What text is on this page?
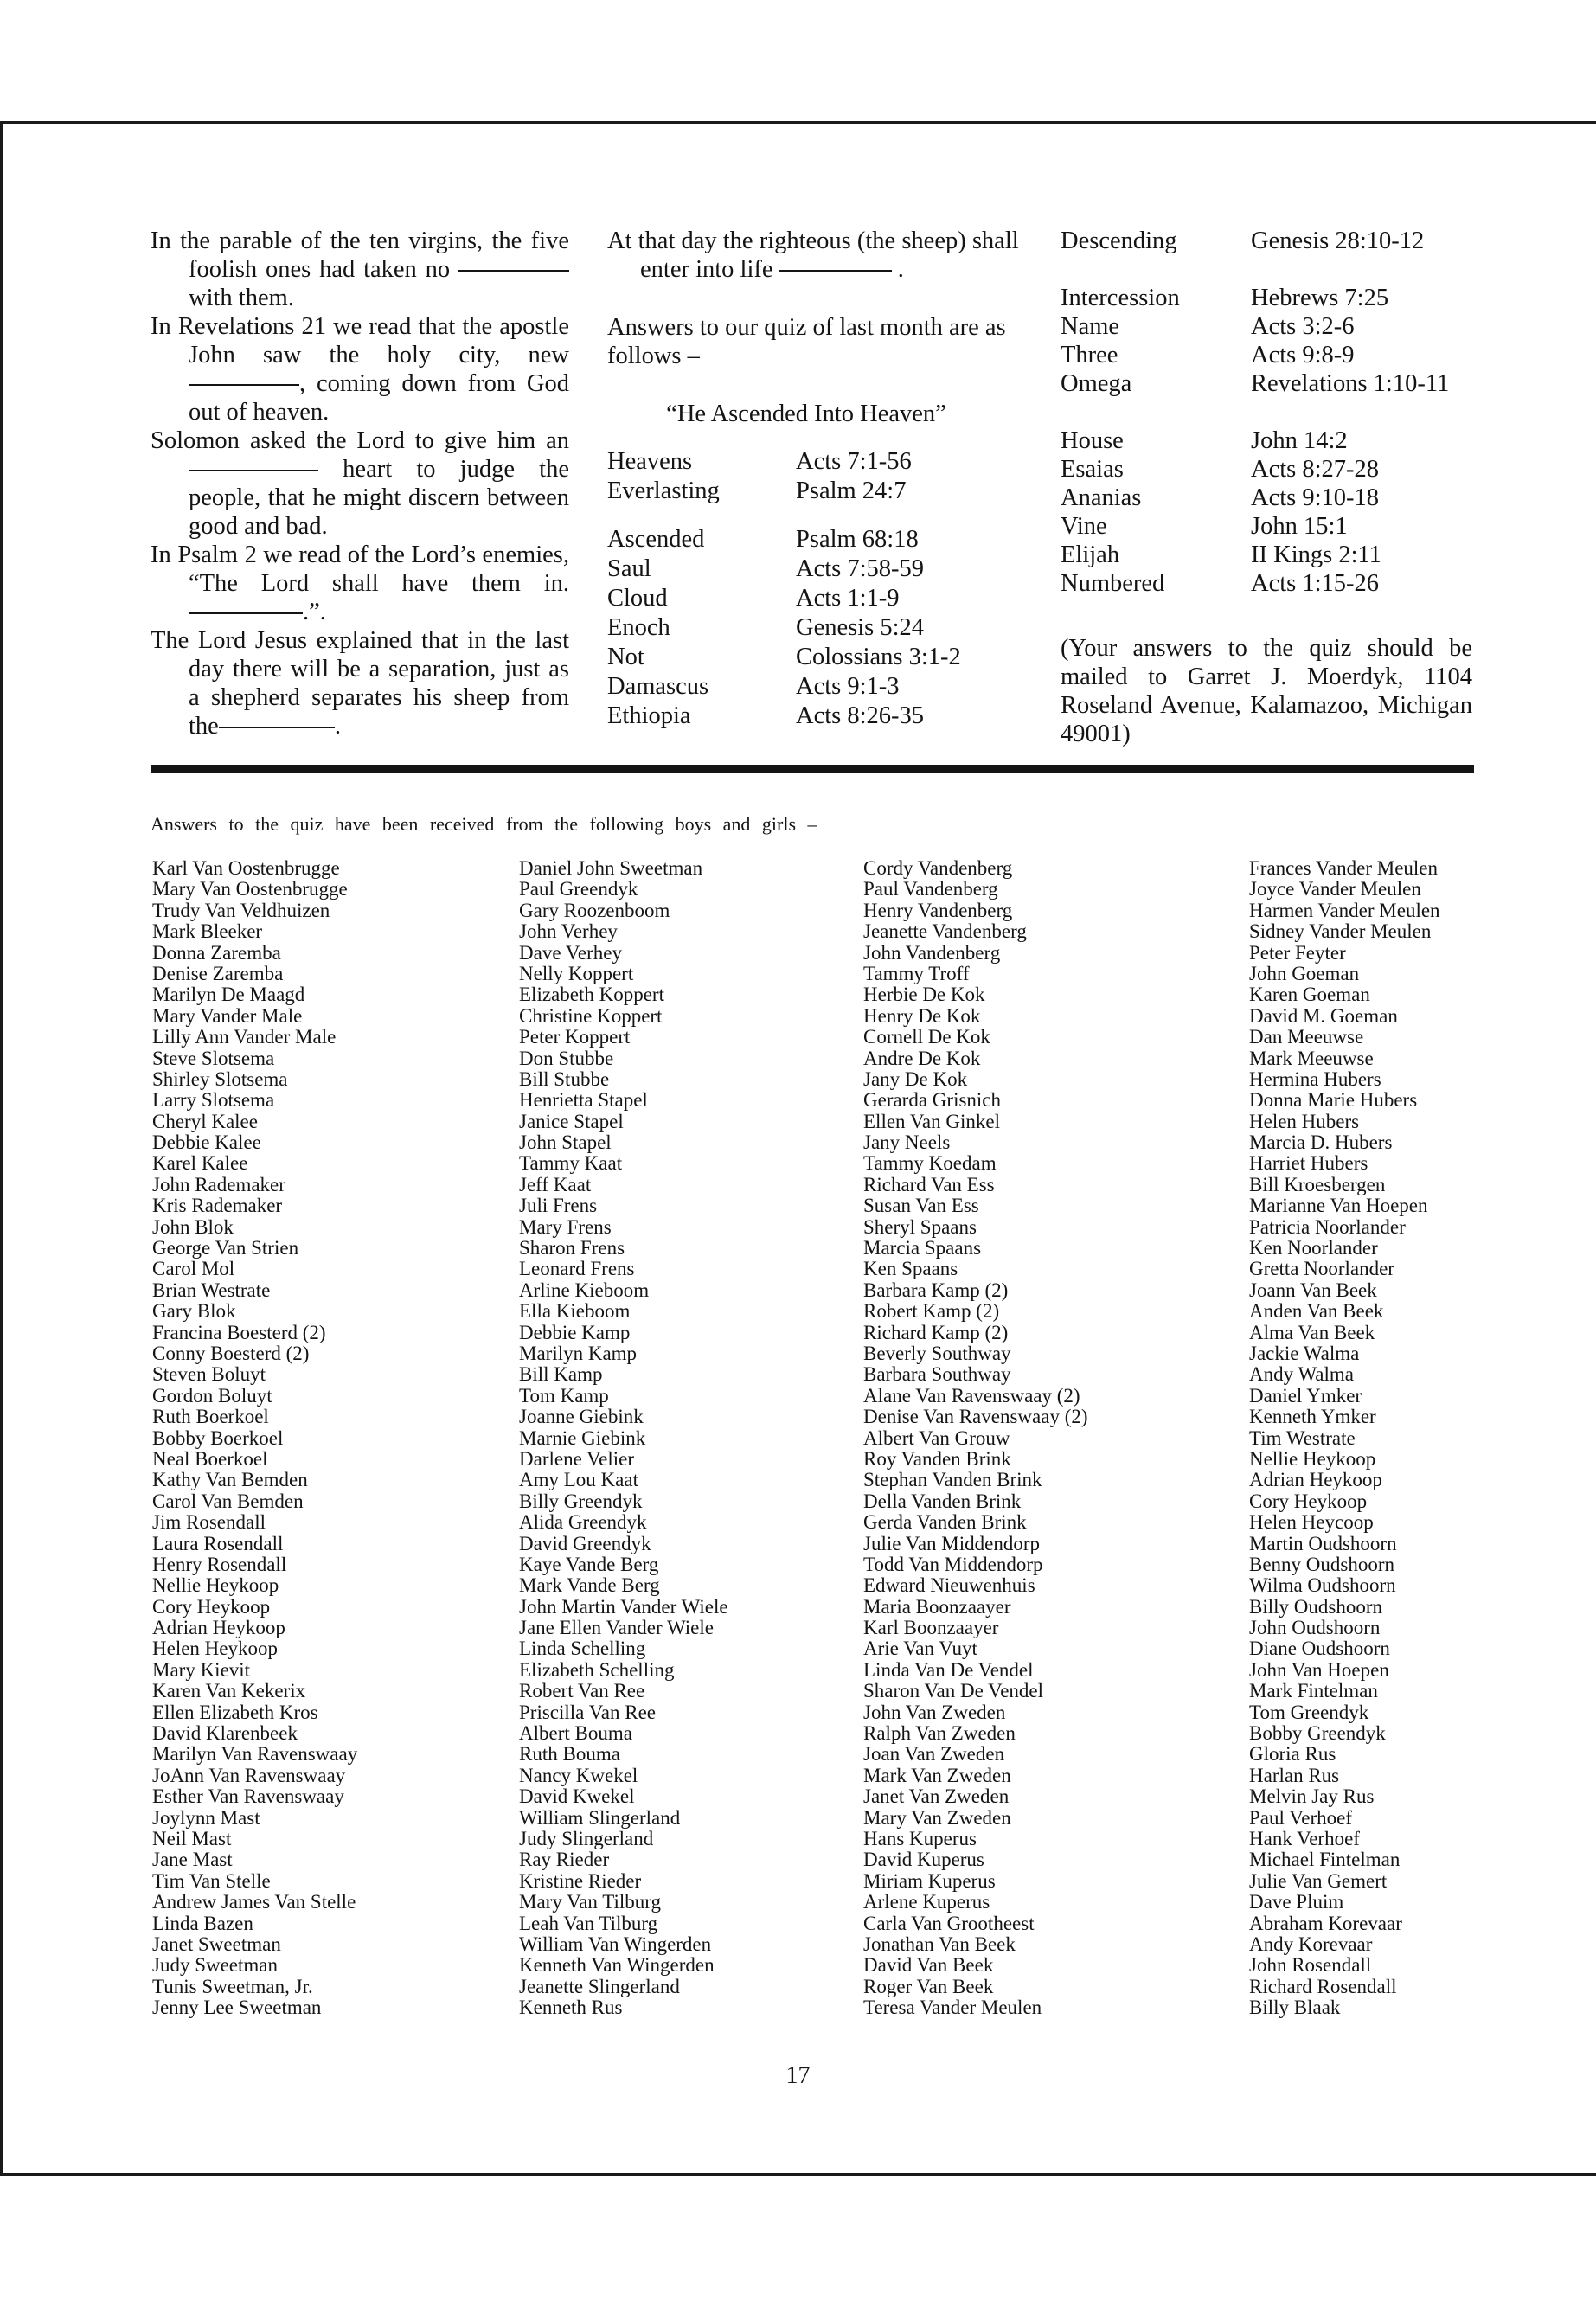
In the parable of the ten virgins, the five foolish ones had taken no  with them.
In Revelations 21 we read that the apostle John saw the holy city, new, coming down from God out of heaven.
Solomon asked the Lord to give him an heart to judge the people, that he might discern between good and bad.
In Psalm 2 we read of the Lord’s enemies, “The Lord shall have them in..”.
The Lord Jesus explained that in the last day there will be a separation, just as a shepherd separates his sheep from the	.
At that day the righteous (the sheep) shall enter into life	.
Answers to our quiz of last month are as follows –
“He Ascended Into Heaven”
Heavens	Acts 7:1-56
Everlasting	Psalm 24:7

Ascended	Psalm 68:18
Saul	Acts 7:58-59
Cloud	Acts 1:1-9
Enoch	Genesis 5:24
Not	Colossians 3:1-2
Damascus	Acts 9:1-3
Ethiopia	Acts 8:26-35
Descending	Genesis 28:10-12

Intercession	Hebrews 7:25
Name	Acts 3:2-6
Three	Acts 9:8-9
Omega	Revelations 1:10-11

House	John 14:2
Esaias	Acts 8:27-28
Ananias	Acts 9:10-18
Vine	John 15:1
Elijah	II Kings 2:11
Numbered	Acts 1:15-26
(Your answers to the quiz should be mailed to Garret J. Moerdyk, 1104 Roseland Avenue, Kalamazoo, Michigan 49001)
Answers to the quiz have been received from the following boys and girls –
Karl Van Oostenbrugge
Mary Van Oostenbrugge
Trudy Van Veldhuizen
Mark Bleeker
Donna Zaremba
Denise Zaremba
Marilyn De Maagd
Mary Vander Male
Lilly Ann Vander Male
Steve Slotsema
Shirley Slotsema
Larry Slotsema
Cheryl Kalee
Debbie Kalee
Karel Kalee
John Rademaker
Kris Rademaker
John Blok
George Van Strien
Carol Mol
Brian Westrate
Gary Blok
Francina Boesterd (2)
Conny Boesterd (2)
Steven Boluyt
Gordon Boluyt
Ruth Boerkoel
Bobby Boerkoel
Neal Boerkoel
Kathy Van Bemden
Carol Van Bemden
Jim Rosendall
Laura Rosendall
Henry Rosendall
Nellie Heykoop
Cory Heykoop
Adrian Heykoop
Helen Heykoop
Mary Kievit
Karen Van Kekerix
Ellen Elizabeth Kros
David Klarenbeek
Marilyn Van Ravenswaay
JoAnn Van Ravenswaay
Esther Van Ravenswaay
Joylynn Mast
Neil Mast
Jane Mast
Tim Van Stelle
Andrew James Van Stelle
Linda Bazen
Janet Sweetman
Judy Sweetman
Tunis Sweetman, Jr.
Jenny Lee Sweetman
Daniel John Sweetman
Paul Greendyk
Gary Roozenboom
John Verhey
Dave Verhey
Nelly Koppert
Elizabeth Koppert
Christine Koppert
Peter Koppert
Don Stubbe
Bill Stubbe
Henrietta Stapel
Janice Stapel
John Stapel
Tammy Kaat
Jeff Kaat
Juli Frens
Mary Frens
Sharon Frens
Leonard Frens
Arline Kieboom
Ella Kieboom
Debbie Kamp
Marilyn Kamp
Bill Kamp
Tom Kamp
Joanne Giebink
Marnie Giebink
Darlene Velier
Amy Lou Kaat
Billy Greendyk
Alida Greendyk
David Greendyk
Kaye Vande Berg
Mark Vande Berg
John Martin Vander Wiele
Jane Ellen Vander Wiele
Linda Schelling
Elizabeth Schelling
Robert Van Ree
Priscilla Van Ree
Albert Bouma
Ruth Bouma
Nancy Kwekel
David Kwekel
William Slingerland
Judy Slingerland
Ray Rieder
Kristine Rieder
Mary Van Tilburg
Leah Van Tilburg
William Van Wingerden
Kenneth Van Wingerden
Jeanette Slingerland
Kenneth Rus
Cordy Vandenberg
Paul Vandenberg
Henry Vandenberg
Jeanette Vandenberg
John Vandenberg
Tammy Troff
Herbie De Kok
Henry De Kok
Cornell De Kok
Andre De Kok
Jany De Kok
Gerarda Grisnich
Ellen Van Ginkel
Jany Neels
Tammy Koedam
Richard Van Ess
Susan Van Ess
Sheryl Spaans
Marcia Spaans
Ken Spaans
Barbara Kamp (2)
Robert Kamp (2)
Richard Kamp (2)
Beverly Southway
Barbara Southway
Alane Van Ravenswaay (2)
Denise Van Ravenswaay (2)
Albert Van Grouw
Roy Vanden Brink
Stephan Vanden Brink
Della Vanden Brink
Gerda Vanden Brink
Julie Van Middendorp
Todd Van Middendorp
Edward Nieuwenhuis
Maria Boonzaayer
Karl Boonzaayer
Arie Van Vuyt
Linda Van De Vendel
Sharon Van De Vendel
John Van Zweden
Ralph Van Zweden
Joan Van Zweden
Mark Van Zweden
Janet Van Zweden
Mary Van Zweden
Hans Kuperus
David Kuperus
Miriam Kuperus
Arlene Kuperus
Carla Van Grootheest
Jonathan Van Beek
David Van Beek
Roger Van Beek
Teresa Vander Meulen
Frances Vander Meulen
Joyce Vander Meulen
Harmen Vander Meulen
Sidney Vander Meulen
Peter Feyter
John Goeman
Karen Goeman
David M. Goeman
Dan Meeuwse
Mark Meeuwse
Hermina Hubers
Donna Marie Hubers
Helen Hubers
Marcia D. Hubers
Harriet Hubers
Bill Kroesbergen
Marianne Van Hoepen
Patricia Noorlander
Ken Noorlander
Gretta Noorlander
Joann Van Beek
Anden Van Beek
Alma Van Beek
Jackie Walma
Andy Walma
Daniel Ymker
Kenneth Ymker
Tim Westrate
Nellie Heykoop
Adrian Heykoop
Cory Heykoop
Helen Heycoop
Martin Oudshoorn
Benny Oudshoorn
Wilma Oudshoorn
Billy Oudshoorn
John Oudshoorn
Diane Oudshoorn
John Van Hoepen
Mark Fintelman
Tom Greendyk
Bobby Greendyk
Gloria Rus
Harlan Rus
Melvin Jay Rus
Paul Verhoef
Hank Verhoef
Michael Fintelman
Julie Van Gemert
Dave Pluim
Abraham Korevaar
Andy Korevaar
John Rosendall
Richard Rosendall
Billy Blaak
17
